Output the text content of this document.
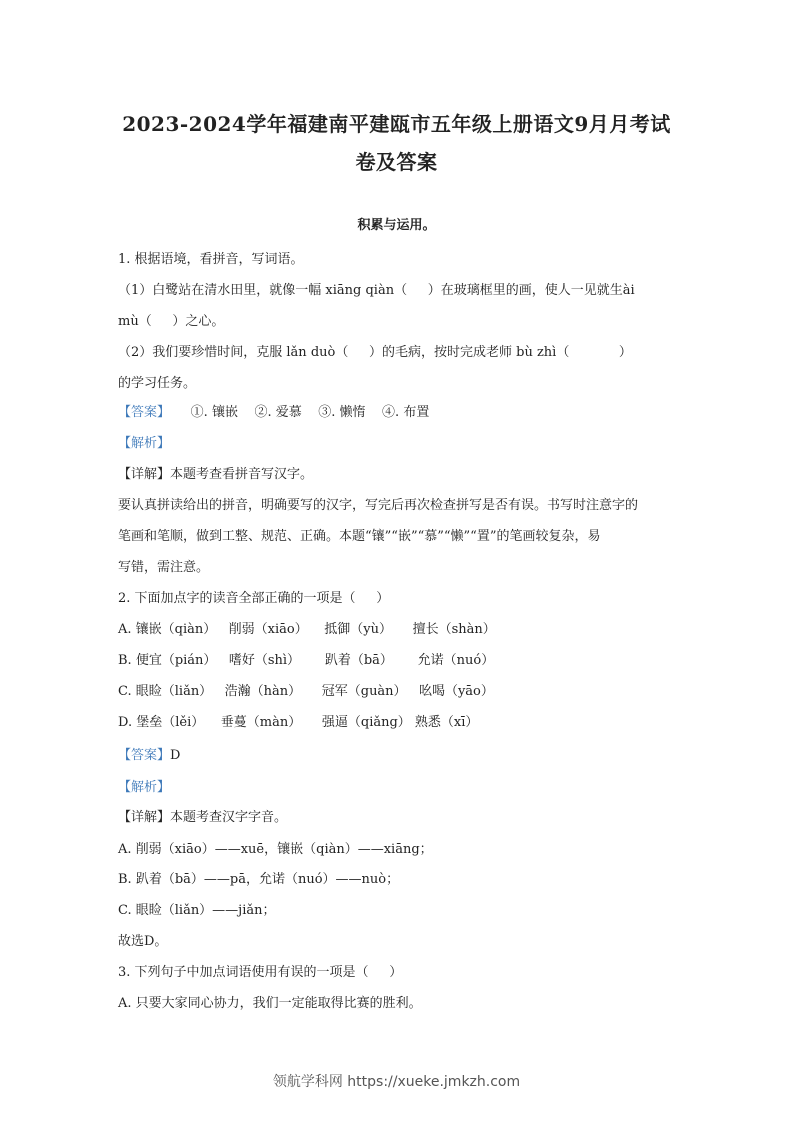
2023-2024学年福建南平建瓯市五年级上册语文9月月考试
卷及答案
积累与运用。
1. 根据语境，看拼音，写词语。
（1）白鹭站在清水田里，就像一幅 xiāng qiàn（     ）在玻璃框里的画，使人一见就生ài
mù（     ）之心。
（2）我们要珍惜时间，克服 lǎn duò（     ）的毛病，按时完成老师 bù zhì（            ）
的学习任务。
【答案】     ①. 镶嵌    ②. 爱慕    ③. 懒惰    ④. 布置
【解析】
【详解】本题考查看拼音写汉字。
要认真拼读给出的拼音，明确要写的汉字，写完后再次检查拼写是否有误。书写时注意字的
笔画和笔顺，做到工整、规范、正确。本题“镶”“嵌”“慕”“懒”“置”的笔画较复杂，易
写错，需注意。
2. 下面加点字的读音全部正确的一项是（     ）
A. 镶嵌（qiàn）   削弱（xiāo）    抵御（yù）     擅长（shàn）
B. 便宜（pián）   嗜好（shì）      趴着（bā）      允诺（nuó）
C. 眼睑（liǎn）   浩瀚（hàn）     冠军（guàn）   吆喝（yāo）
D. 堡垒（lěi）    垂蔓（màn）     强逼（qiǎng） 熟悉（xī）
【答案】D
【解析】
【详解】本题考查汉字字音。
A. 削弱（xiāo）——xuē，镶嵌（qiàn）——xiāng；
B. 趴着（bā）——pā，允诺（nuó）——nuò；
C. 眼睑（liǎn）——jiǎn；
故选D。
3. 下列句子中加点词语使用有误的一项是（     ）
A. 只要大家同心协力，我们一定能取得比赛的胜利。
领航学科网 https://xueke.jmkzh.com
